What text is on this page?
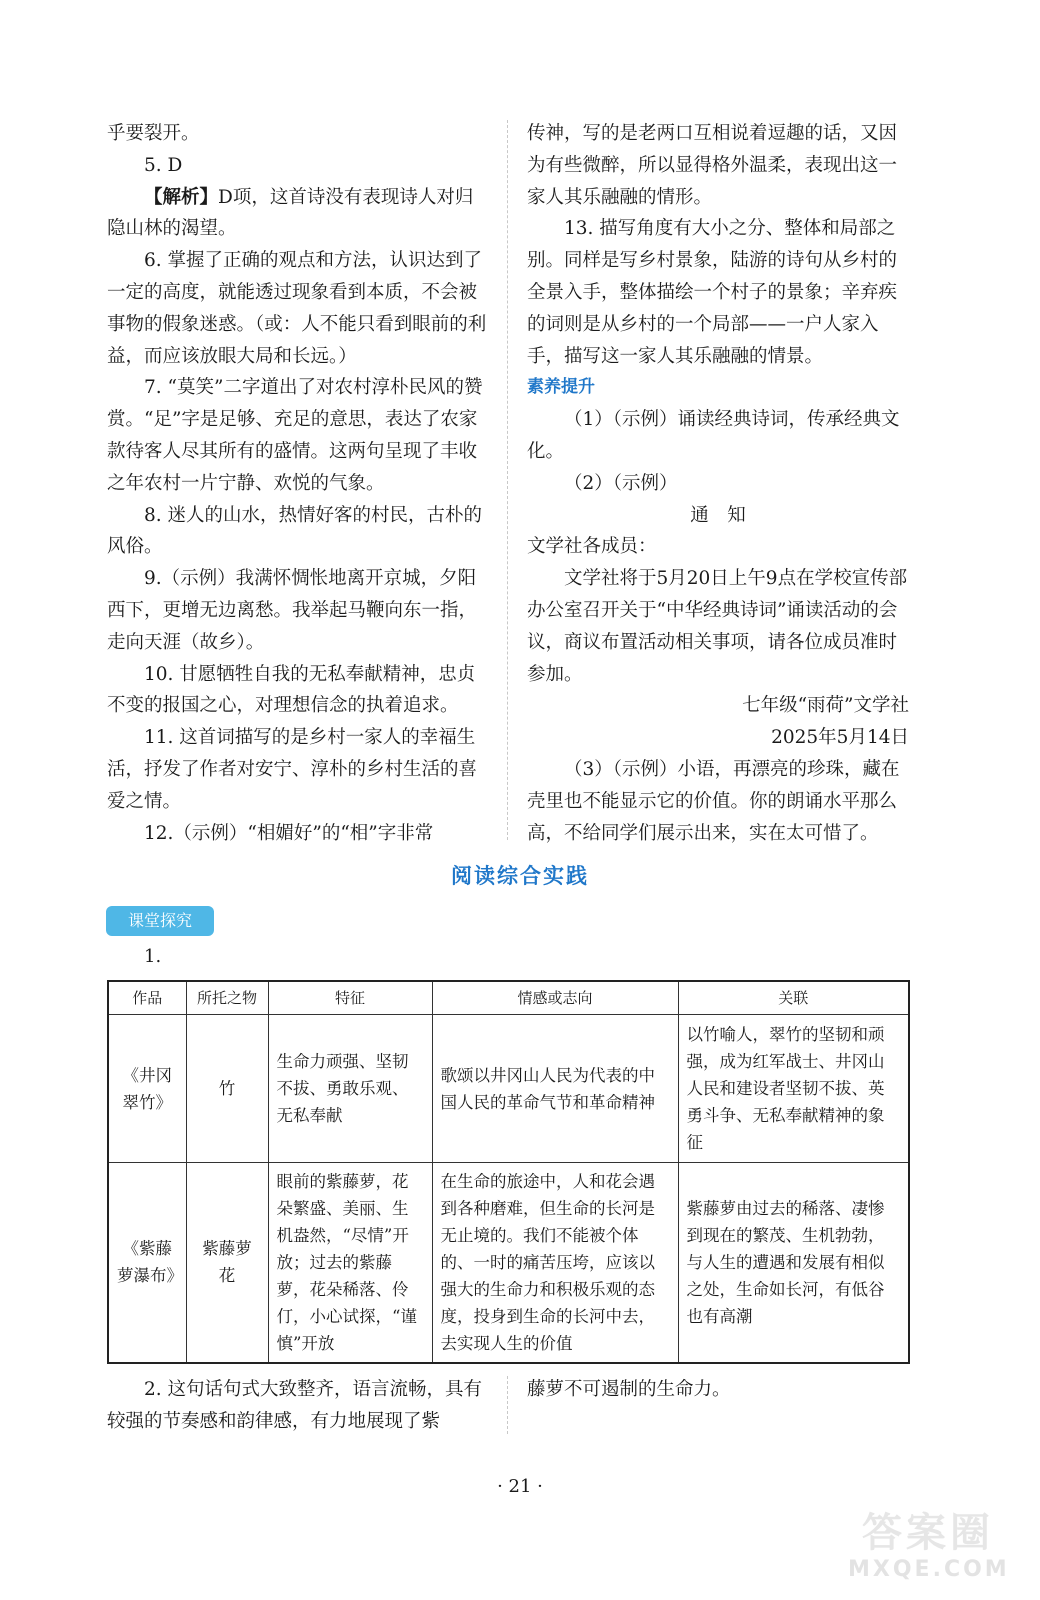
乎要裂开。

5. D

【解析】D项，这首诗没有表现诗人对归隐山林的渴望。

6. 掌握了正确的观点和方法，认识达到了一定的高度，就能透过现象看到本质，不会被事物的假象迷惑。（或：人不能只看到眼前的利益，而应该放眼大局和长远。）

7. “莫笑”二字道出了对农村淳朴民风的赞赏。“足”字是足够、充足的意思，表达了农家款待客人尽其所有的盛情。这两句呈现了丰收之年农村一片宁静、欢悦的气象。

8. 迷人的山水，热情好客的村民，古朴的风俗。

9.（示例）我满怀惆怅地离开京城，夕阳西下，更增无边离愁。我举起马鞭向东一指，走向天涯（故乡）。

10. 甘愿牺牲自我的无私奉献精神，忠贞不变的报国之心，对理想信念的执着追求。

11. 这首词描写的是乡村一家人的幸福生活，抒发了作者对安宁、淳朴的乡村生活的喜爱之情。

12.（示例）“相媚好”的“相”字非常

传神，写的是老两口互相说着逗趣的话，又因为有些微醉，所以显得格外温柔，表现出这一家人其乐融融的情形。

13. 描写角度有大小之分、整体和局部之别。同样是写乡村景象，陆游的诗句从乡村的全景入手，整体描绘一个村子的景象；辛弃疾的词则是从乡村的一个局部——一户人家入手，描写这一家人其乐融融的情景。

素养提升

（1）（示例）诵读经典诗词，传承经典文化。

（2）（示例）

通　知

文学社各成员：

文学社将于5月20日上午9点在学校宣传部办公室召开关于“中华经典诗词”诵读活动的会议，商议布置活动相关事项，请各位成员准时参加。

七年级“雨荷”文学社

2025年5月14日

（3）（示例）小语，再漂亮的珍珠，藏在壳里也不能显示它的价值。你的朗诵水平那么高，不给同学们展示出来，实在太可惜了。

阅读综合实践
课堂探究
1.
作品	所托之物	特征	情感或志向	关联
《井冈翠竹》	竹	生命力顽强、坚韧不拔、勇敢乐观、无私奉献	歌颂以井冈山人民为代表的中国人民的革命气节和革命精神	以竹喻人，翠竹的坚韧和顽强，成为红军战士、井冈山人民和建设者坚韧不拔、英勇斗争、无私奉献精神的象征
《紫藤萝瀑布》	紫藤萝花	眼前的紫藤萝，花朵繁盛、美丽、生机盎然，“尽情”开放；过去的紫藤萝，花朵稀落、伶仃，小心试探，“谨慎”开放	在生命的旅途中，人和花会遇到各种磨难，但生命的长河是无止境的。我们不能被个体的、一时的痛苦压垮，应该以强大的生命力和积极乐观的态度，投身到生命的长河中去，去实现人生的价值	紫藤萝由过去的稀落、凄惨到现在的繁茂、生机勃勃，与人生的遭遇和发展有相似之处，生命如长河，有低谷也有高潮
2. 这句话句式大致整齐，语言流畅，具有较强的节奏感和韵律感，有力地展现了紫
藤萝不可遏制的生命力。
· 21 ·
答案圈
MXQE.COM
